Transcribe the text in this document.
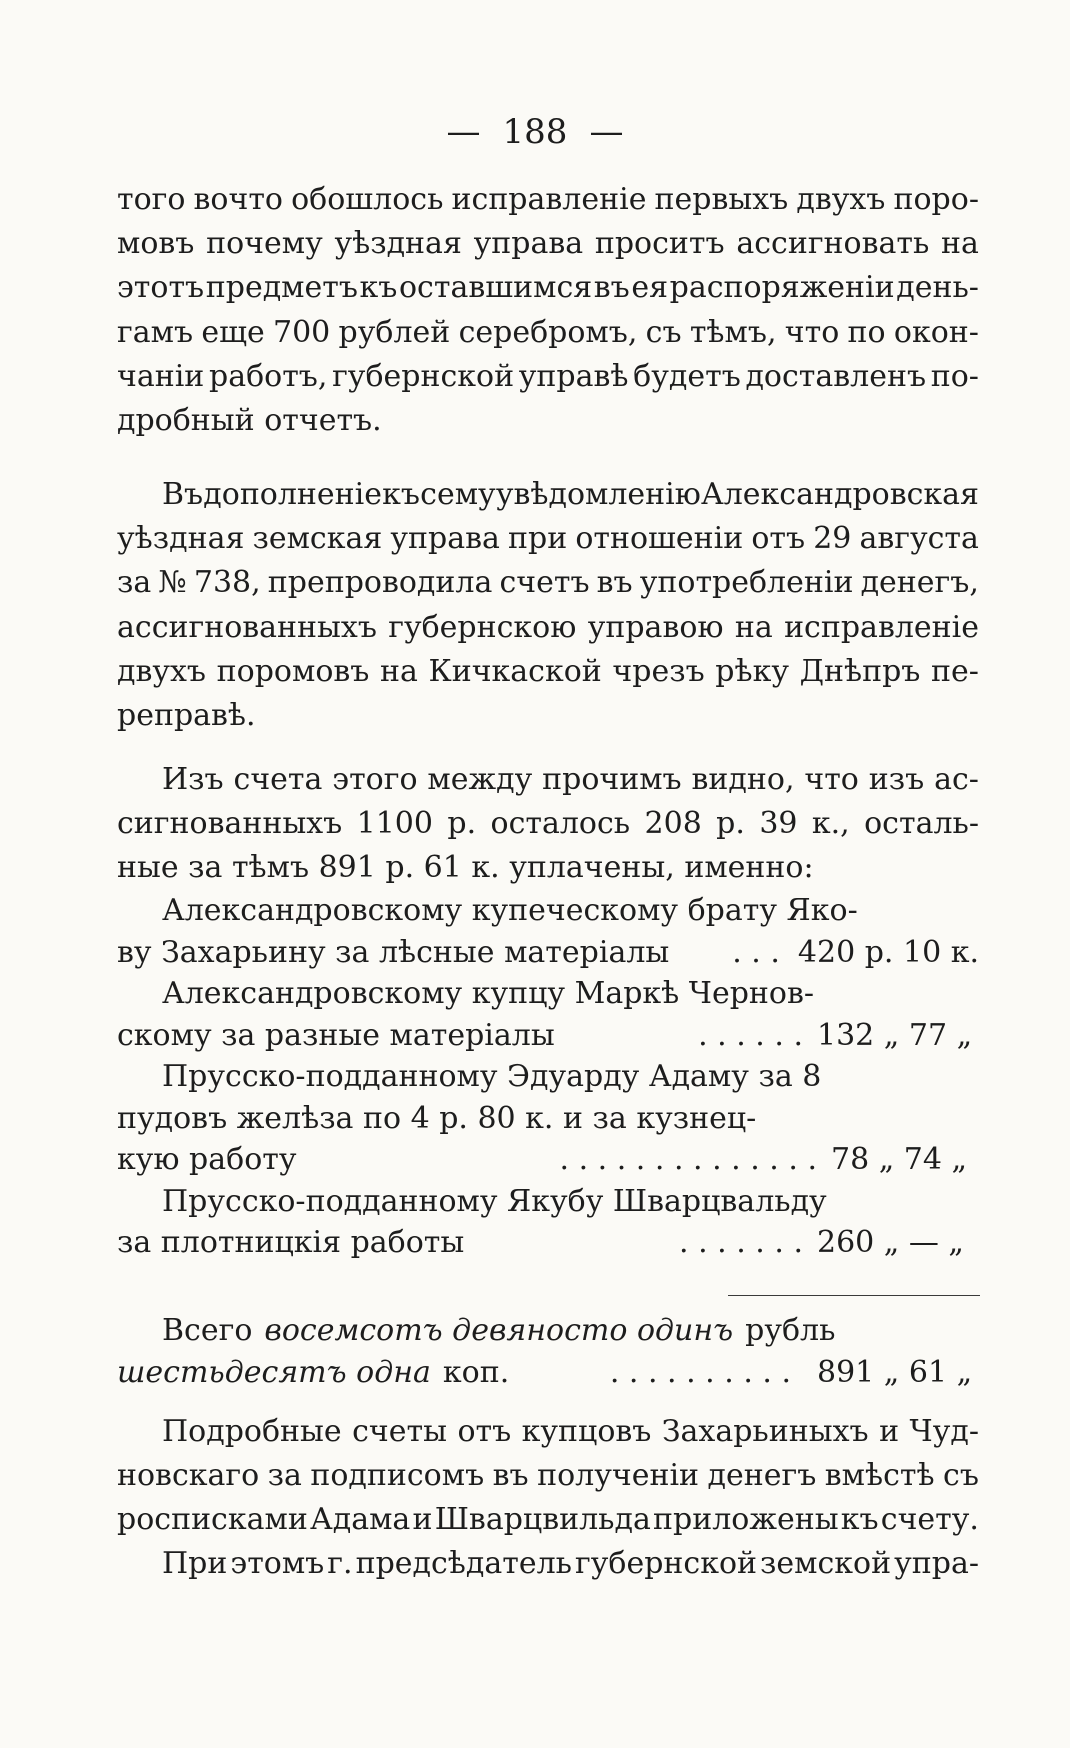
— 188 —
того вочто обошлось исправленіе первыхъ двухъ поро-
мовъ почему уѣздная управа проситъ ассигновать на
этотъ предметъ къ оставшимся въ ея распоряженіи день-
гамъ еще 700 рублей серебромъ, съ тѣмъ, что по окон-
чаніи работъ, губернской управѣ будетъ доставленъ по-
дробный отчетъ.
Въ дополненіе къ сему увѣдомленію Александровская
уѣздная земская управа при отношеніи отъ 29 августа
за № 738, препроводила счетъ въ употребленіи денегъ,
ассигнованныхъ губернскою управою на исправленіе
двухъ поромовъ на Кичкаской чрезъ рѣку Днѣпръ пе-
реправѣ.
Изъ счета этого между прочимъ видно, что изъ ас-
сигнованныхъ 1100 р. осталось 208 р. 39 к., осталь-
ные за тѣмъ 891 р. 61 к. уплачены, именно:
Александровскому купеческому брату Яко-
ву Захарьину за лѣсные матеріалы	. . . 420 р. 10 к.
Александровскому купцу Маркѣ Чернов-
скому за разные матеріалы	. . . . . . 132 „ 77 „
Прусско-подданному Эдуарду Адаму за 8
пудовъ желѣза по 4 р. 80 к. и за кузнец-
кую работу	. . . . . . . . . . . . . . 78 „ 74 „
Прусско-подданному Якубу Шварцвальду
за плотницкія работы	. . . . . . . 260 „ — „
Всего восемсотъ девяносто одинъ рубль
шестьдесятъ одна коп.	. . . . . . . . . . 891 „ 61 „
Подробные счеты отъ купцовъ Захарьиныхъ и Чуд-
новскаго за подписомъ въ полученіи денегъ вмѣстѣ съ
росписками Адама и Шварцвильда приложены къ счету.
При этомъ г. предсѣдатель губернской земской упра-
